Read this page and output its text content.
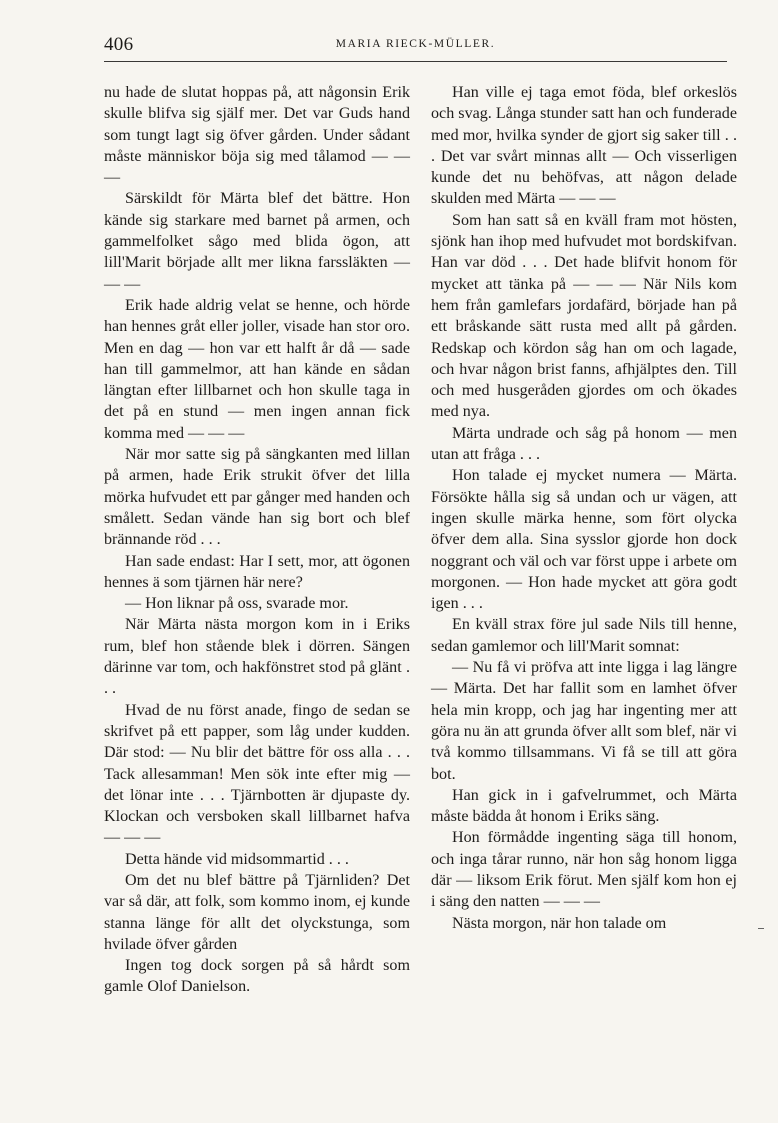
406	MARIA RIECK-MÜLLER.

nu hade de slutat hoppas på, att någonsin Erik skulle blifva sig själf mer. Det var Guds hand som tungt lagt sig öfver gården. Under sådant måste människor böja sig med tålamod — — —

Särskildt för Märta blef det bättre. Hon kände sig starkare med barnet på armen, och gammelfolket sågo med blida ögon, att lill'Marit började allt mer likna farssläkten — — —

Erik hade aldrig velat se henne, och hörde han hennes gråt eller joller, visade han stor oro. Men en dag — hon var ett halft år då — sade han till gammelmor, att han kände en sådan längtan efter lillbarnet och hon skulle taga in det på en stund — men ingen annan fick komma med — — —

När mor satte sig på sängkanten med lillan på armen, hade Erik strukit öfver det lilla mörka hufvudet ett par gånger med handen och smålett. Sedan vände han sig bort och blef brännande röd . . .

Han sade endast: Har I sett, mor, att ögonen hennes ä som tjärnen här nere?

— Hon liknar på oss, svarade mor.

När Märta nästa morgon kom in i Eriks rum, blef hon stående blek i dörren. Sängen därinne var tom, och hakfönstret stod på glänt . . .

Hvad de nu först anade, fingo de sedan se skrifvet på ett papper, som låg under kudden. Där stod: — Nu blir det bättre för oss alla . . . Tack allesamman! Men sök inte efter mig — det lönar inte . . . Tjärnbotten är djupaste dy. Klockan och versboken skall lillbarnet hafva — — —

Detta hände vid midsommartid . . .

Om det nu blef bättre på Tjärnliden? Det var så där, att folk, som kommo inom, ej kunde stanna länge för allt det olyckstunga, som hvilade öfver gården

Ingen tog dock sorgen på så hårdt som gamle Olof Danielson.

Han ville ej taga emot föda, blef orkeslös och svag. Långa stunder satt han och funderade med mor, hvilka synder de gjort sig saker till . . . Det var svårt minnas allt — Och visserligen kunde det nu behöfvas, att någon delade skulden med Märta — — —

Som han satt så en kväll fram mot hösten, sjönk han ihop med hufvudet mot bordskifvan. Han var död . . . Det hade blifvit honom för mycket att tänka på — — — När Nils kom hem från gamlefars jordafärd, började han på ett bråskande sätt rusta med allt på gården. Redskap och kördon såg han om och lagade, och hvar någon brist fanns, afhjälptes den. Till och med husgeråden gjordes om och ökades med nya.

Märta undrade och såg på honom — men utan att fråga . . .

Hon talade ej mycket numera — Märta. Försökte hålla sig så undan och ur vägen, att ingen skulle märka henne, som fört olycka öfver dem alla. Sina sysslor gjorde hon dock noggrant och väl och var först uppe i arbete om morgonen. — Hon hade mycket att göra godt igen . . .

En kväll strax före jul sade Nils till henne, sedan gamlemor och lill'Marit somnat:

— Nu få vi pröfva att inte ligga i lag längre — Märta. Det har fallit som en lamhet öfver hela min kropp, och jag har ingenting mer att göra nu än att grunda öfver allt som blef, när vi två kommo tillsammans. Vi få se till att göra bot.

Han gick in i gafvelrummet, och Märta måste bädda åt honom i Eriks säng.

Hon förmådde ingenting säga till honom, och inga tårar runno, när hon såg honom ligga där — liksom Erik förut. Men själf kom hon ej i säng den natten — — —

Nästa morgon, när hon talade om
